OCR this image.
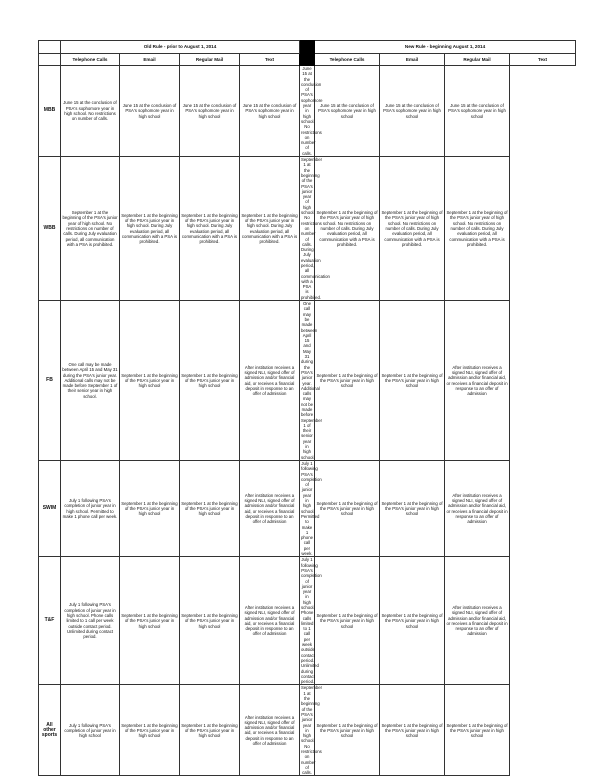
	Old Rule - prior to August 1, 2014					New Rule - beginning August 1, 2014			
	Telephone Calls	Email	Regular Mail	Text		Telephone Calls	Email	Regular Mail	Text
MBB	June 15 at the conclusion of PSA's sophomore year in high school. No restrictions on number of calls.	June 15 at the conclusion of PSA's sophomore year in high school	June 15 at the conclusion of PSA's sophomore year in high school	June 15 at the conclusion of PSA's sophomore year in high school	June 15 at the conclusion of PSA's sophomore year in high school. No restrictions on number of calls.	June 15 at the conclusion of PSA's sophomore year in high school	June 15 at the conclusion of PSA's sophomore year in high school	June 15 at the conclusion of PSA's sophomore year in high school	
WBB	September 1 at the beginning of the PSA's junior year of high school. No restrictions on number of calls. During July evaluation period, all communication with a PSA is prohibited.	September 1 at the beginning of the PSA's junior year in high school. During July evaluation period, all communication with a PSA is prohibited.	September 1 at the beginning of the PSA's junior year in high school. During July evaluation period, all communication with a PSA is prohibited.	September 1 at the beginning of the PSA's junior year in high school. During July evaluation period, all communication with a PSA is prohibited.	September 1 at the beginning of the PSA's junior year of high school. No restrictions on number of calls. During July evaluation period, all communication with a PSA is prohibited.	September 1 at the beginning of the PSA's junior year of high school. No restrictions on number of calls. During July evaluation period, all communication with a PSA is prohibited.	September 1 at the beginning of the PSA's junior year of high school. No restrictions on number of calls. During July evaluation period, all communication with a PSA is prohibited.	September 1 at the beginning of the PSA's junior year of high school. No restrictions on number of calls. During July evaluation period, all communication with a PSA is prohibited.	
FB	One call may be made between April 15 and May 31 during the PSA's junior year. Additional calls may not be made before September 1 of their senior year in high school.	September 1 at the beginning of the PSA's junior year in high school	September 1 at the beginning of the PSA's junior year in high school	After institution receives a signed NLI, signed offer of admission and/or financial aid, or receives a financial deposit in response to an offer of admission	One call may be made between April 15 and May 31 during the PSA's junior year. Additional calls may not be made before September 1 of their senior year in high school.	September 1 at the beginning of the PSA's junior year in high school	September 1 at the beginning of the PSA's junior year in high school	After institution receives a signed NLI, signed offer of admission and/or financial aid, or receives a financial deposit in response to an offer of admission	
SWIM	July 1 following PSA's completion of junior year in high school. Permitted to make 1 phone call per week.	September 1 at the beginning of the PSA's junior year in high school	September 1 at the beginning of the PSA's junior year in high school	After institution receives a signed NLI, signed offer of admission and/or financial aid, or receives a financial deposit in response to an offer of admission	July 1 following PSA's completion of junior year in high school. Permitted to make 1 phone call per week.	September 1 at the beginning of the PSA's junior year in high school	September 1 at the beginning of the PSA's junior year in high school	After institution receives a signed NLI, signed offer of admission and/or financial aid, or receives a financial deposit in response to an offer of admission	
T&F	July 1 following PSA's completion of junior year in high school. Phone calls limited to 1 call per week outside contact period. Unlimited during contact period.	September 1 at the beginning of the PSA's junior year in high school	September 1 at the beginning of the PSA's junior year in high school	After institution receives a signed NLI, signed offer of admission and/or financial aid, or receives a financial deposit in response to an offer of admission	July 1 following PSA's completion of junior year in high school. Phone calls limited to 1 call per week outside contact period. Unlimited during contact period.	September 1 at the beginning of the PSA's junior year in high school	September 1 at the beginning of the PSA's junior year in high school	After institution receives a signed NLI, signed offer of admission and/or financial aid, or receives a financial deposit in response to an offer of admission	
All other sports	July 1 following PSA's completion of junior year in high school	September 1 at the beginning of the PSA's junior year in high school	September 1 at the beginning of the PSA's junior year in high school	After institution receives a signed NLI, signed offer of admission and/or financial aid, or receives a financial deposit in response to an offer of admission	September 1 at the beginning of the PSA's junior year in high school. No restrictions on number of calls.	September 1 at the beginning of the PSA's junior year in high school	September 1 at the beginning of the PSA's junior year in high school	September 1 at the beginning of the PSA's junior year in high school	
